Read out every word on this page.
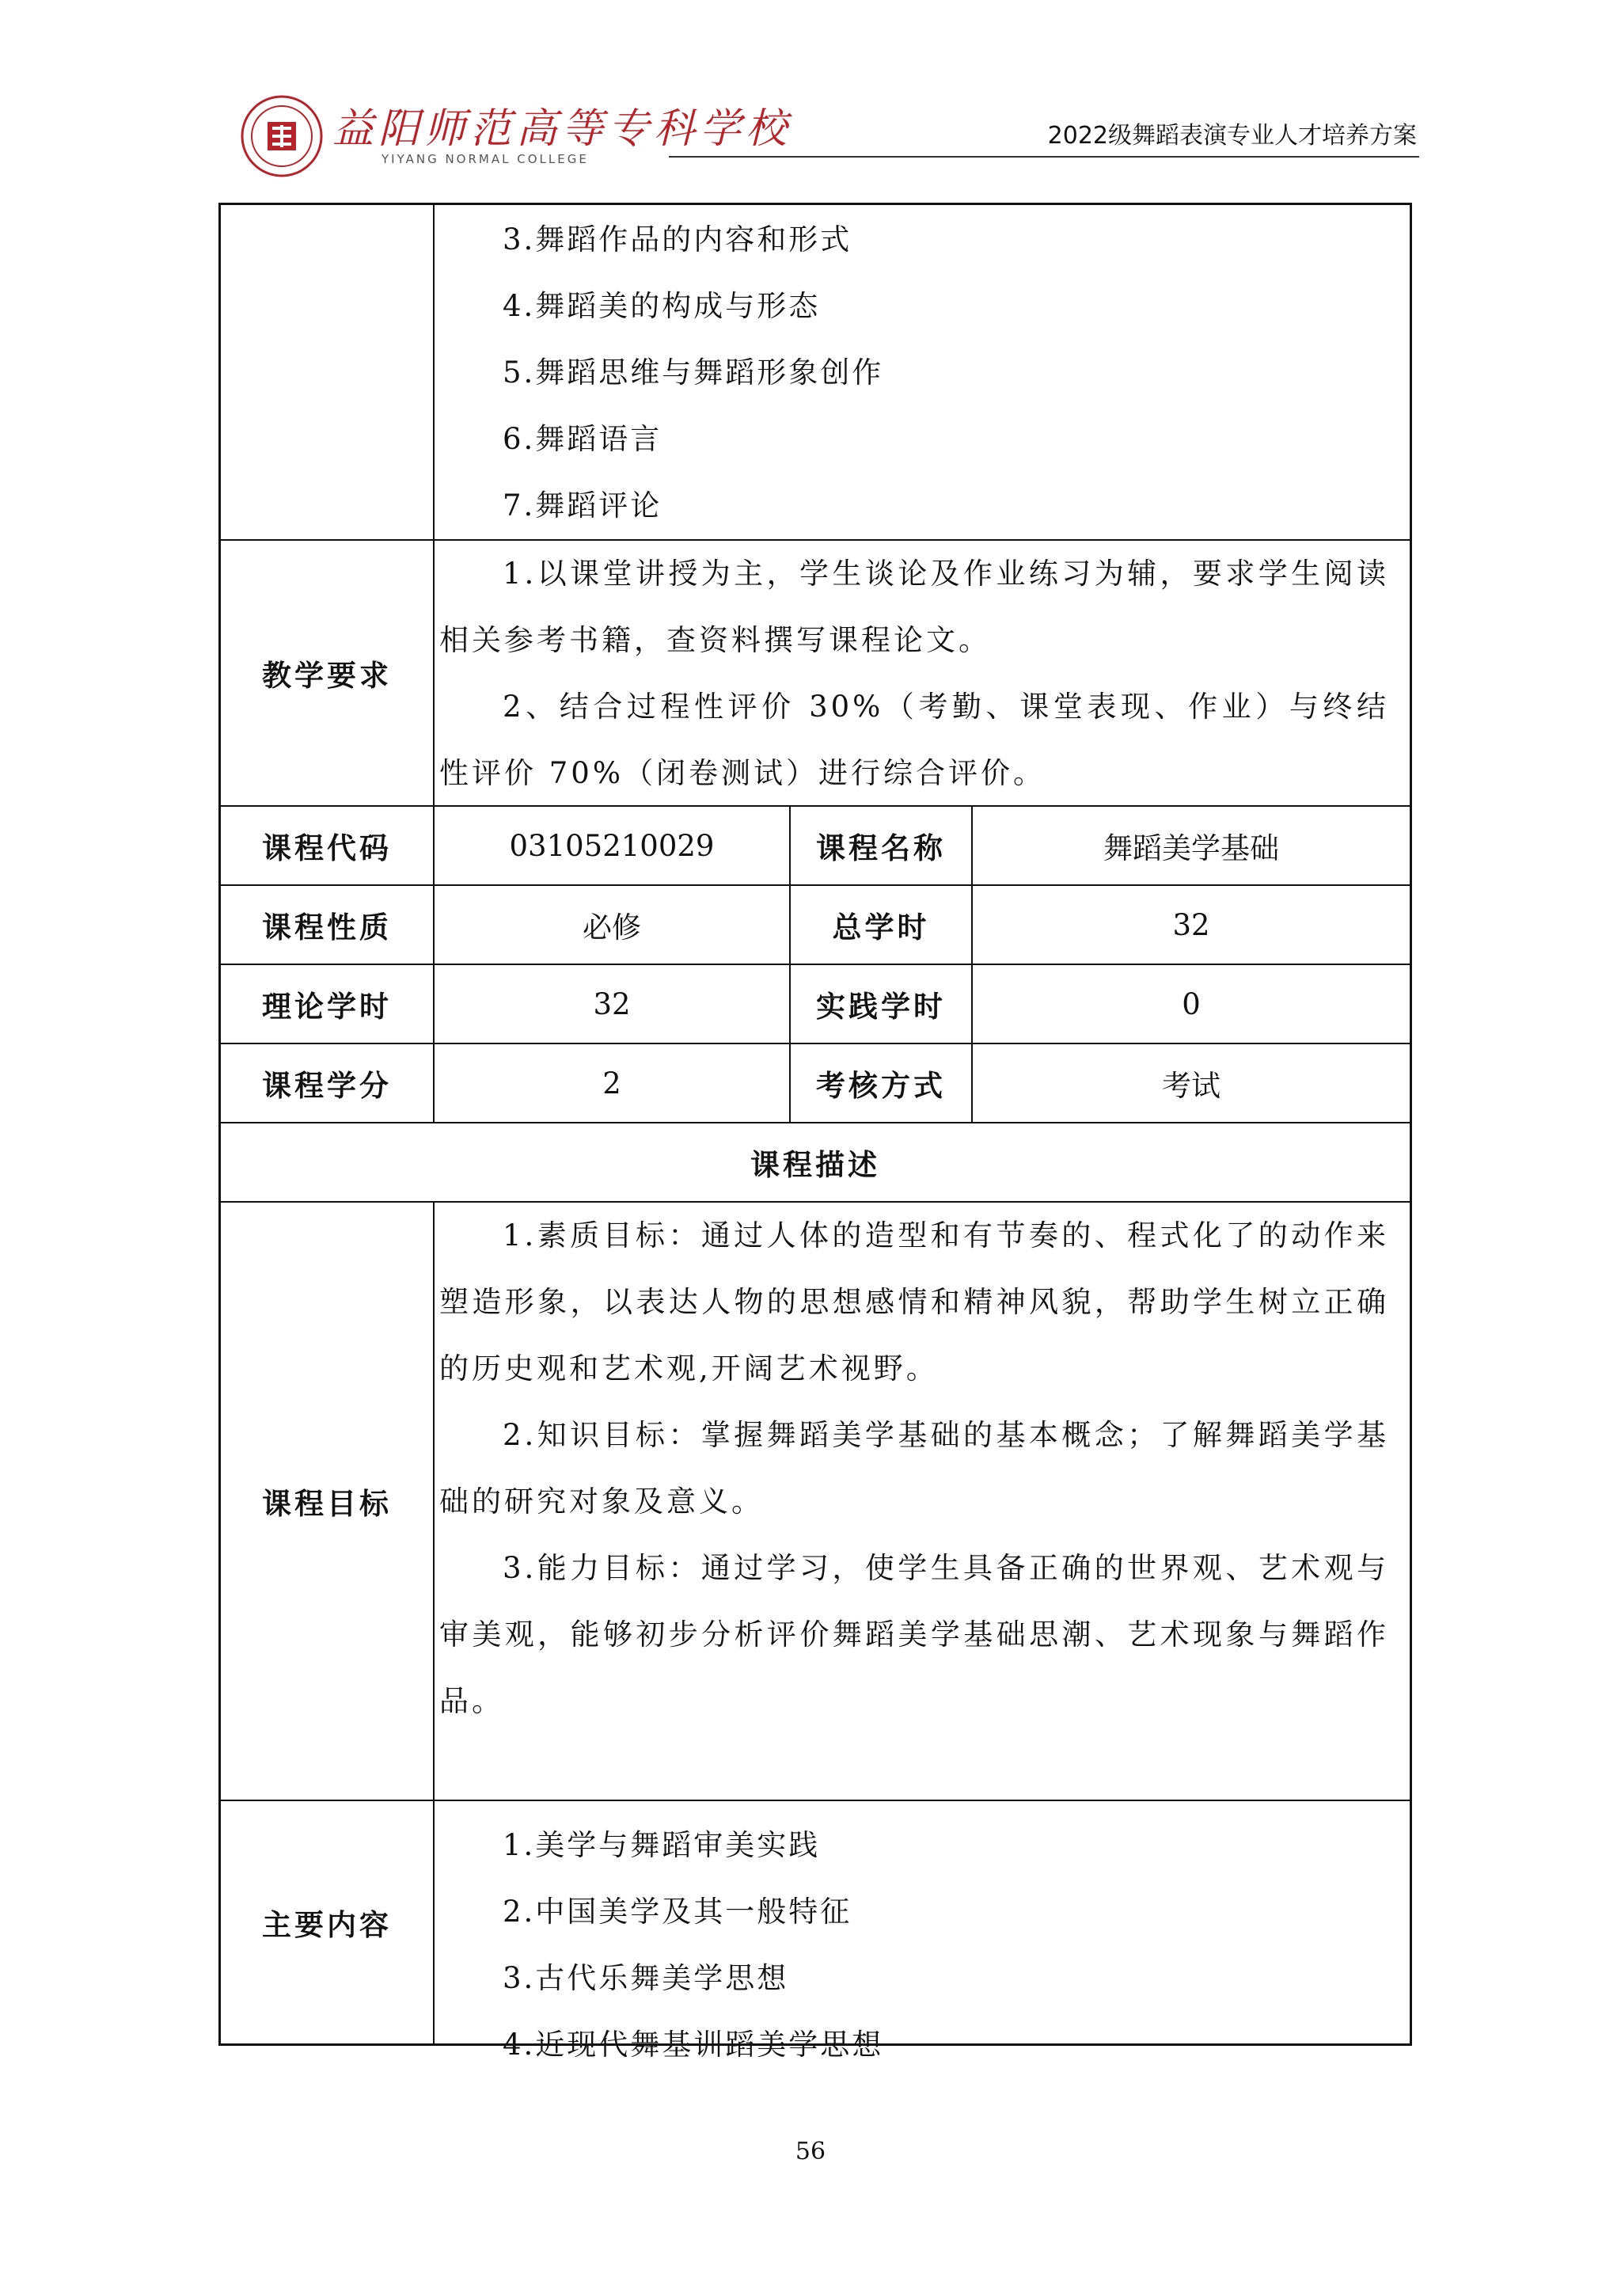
益阳师范高等专科学校
YIYANG NORMAL COLLEGE
2022级舞蹈表演专业人才培养方案
3.舞蹈作品的内容和形式
4.舞蹈美的构成与形态
5.舞蹈思维与舞蹈形象创作
6.舞蹈语言
7.舞蹈评论
教学要求
1.以课堂讲授为主，学生谈论及作业练习为辅，要求学生阅读相关参考书籍，查资料撰写课程论文。
2、结合过程性评价 30%（考勤、课堂表现、作业）与终结性评价 70%（闭卷测试）进行综合评价。
课程代码	03105210029	课程名称	舞蹈美学基础
课程性质	必修	总学时	32
理论学时	32	实践学时	0
课程学分	2	考核方式	考试
课程描述
课程目标
1.素质目标：通过人体的造型和有节奏的、程式化了的动作来塑造形象，以表达人物的思想感情和精神风貌，帮助学生树立正确的历史观和艺术观,开阔艺术视野。
2.知识目标：掌握舞蹈美学基础的基本概念；了解舞蹈美学基础的研究对象及意义。
3.能力目标：通过学习，使学生具备正确的世界观、艺术观与审美观，能够初步分析评价舞蹈美学基础思潮、艺术现象与舞蹈作品。
主要内容
1.美学与舞蹈审美实践
2.中国美学及其一般特征
3.古代乐舞美学思想
4.近现代舞基训蹈美学思想
56
